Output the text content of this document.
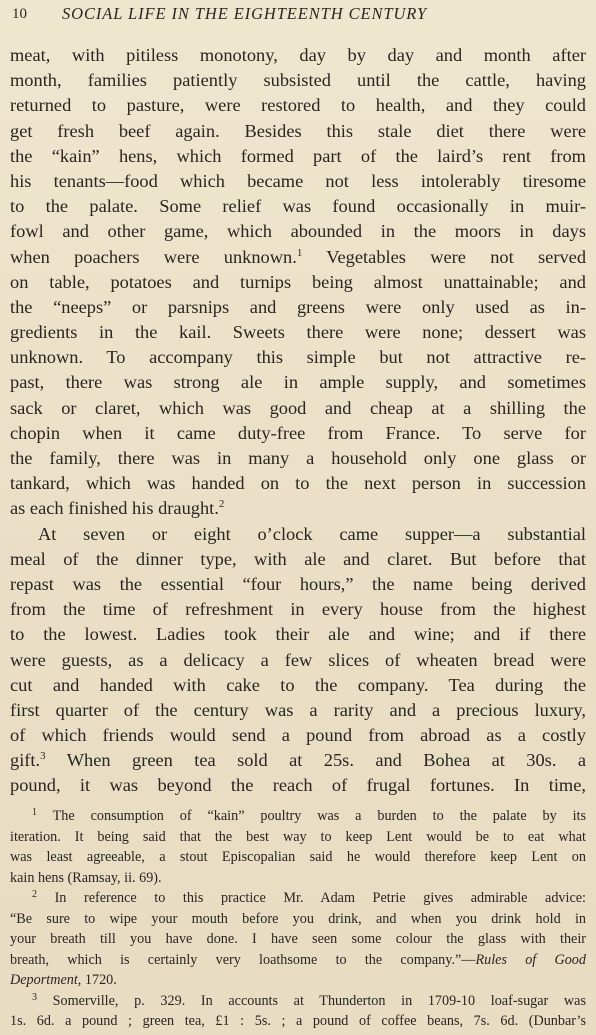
10 SOCIAL LIFE IN THE EIGHTEENTH CENTURY
meat, with pitiless monotony, day by day and month after
month, families patiently subsisted until the cattle, having
returned to pasture, were restored to health, and they could
get fresh beef again. Besides this stale diet there were
the “kain” hens, which formed part of the laird’s rent from
his tenants—food which became not less intolerably tiresome
to the palate. Some relief was found occasionally in muir-
fowl and other game, which abounded in the moors in days
when poachers were unknown.$^1$ Vegetables were not served
on table, potatoes and turnips being almost unattainable; and
the “neeps” or parsnips and greens were only used as in-
gredients in the kail. Sweets there were none; dessert was
unknown. To accompany this simple but not attractive re-
past, there was strong ale in ample supply, and sometimes
sack or claret, which was good and cheap at a shilling the
chopin when it came duty-free from France. To serve for
the family, there was in many a household only one glass or
tankard, which was handed on to the next person in succession
as each finished his draught.$^2$
At seven or eight o’clock came supper—a substantial
meal of the dinner type, with ale and claret. But before that
repast was the essential “four hours,” the name being derived
from the time of refreshment in every house from the highest
to the lowest. Ladies took their ale and wine; and if there
were guests, as a delicacy a few slices of wheaten bread were
cut and handed with cake to the company. Tea during the
first quarter of the century was a rarity and a precious luxury,
of which friends would send a pound from abroad as a costly
gift.$^3$ When green tea sold at 25s. and Bohea at 30s. a
pound, it was beyond the reach of frugal fortunes. In time,
$^1$ The consumption of “kain” poultry was a burden to the palate by its
iteration. It being said that the best way to keep Lent would be to eat what
was least agreeable, a stout Episcopalian said he would therefore keep Lent on
kain hens (Ramsay, ii. 69).
$^2$ In reference to this practice Mr. Adam Petrie gives admirable advice:
“Be sure to wipe your mouth before you drink, and when you drink hold in
your breath till you have done. I have seen some colour the glass with their
breath, which is certainly very loathsome to the company.”—Rules of Good
Deportment, 1720.
$^3$ Somerville, p. 329. In accounts at Thunderton in 1709-10 loaf-sugar was
1s. 6d. a pound ; green tea, £1 : 5s. ; a pound of coffee beans, 7s. 6d. (Dunbar’s
